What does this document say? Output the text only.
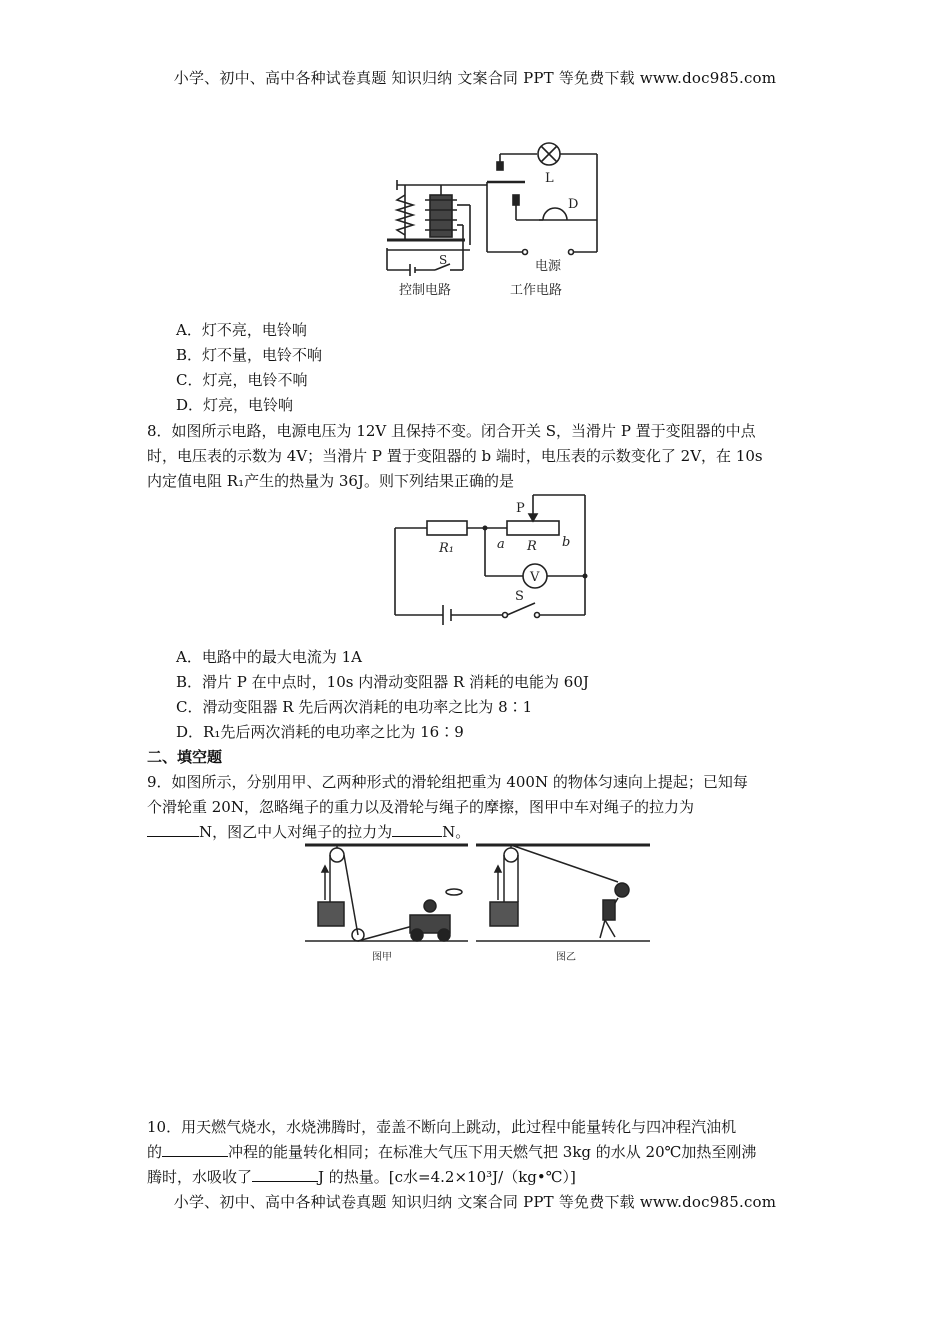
小学、初中、高中各种试卷真题 知识归纳 文案合同 PPT 等免费下载 www.doc985.com
L
D
S	电源
控制电路	工作电路
A．灯不亮，电铃响
B．灯不量，电铃不响
C．灯亮，电铃不响
D．灯亮，电铃响
8．如图所示电路，电源电压为 12V 且保持不变。闭合开关 S，当滑片 P 置于变阻器的中点
时，电压表的示数为 4V；当滑片 P 置于变阻器的 b 端时，电压表的示数变化了 2V，在 10s
内定值电阻 R₁产生的热量为 36J。则下列结果正确的是
P
R₁	a R b
V
S
A．电路中的最大电流为 1A
B．滑片 P 在中点时，10s 内滑动变阻器 R 消耗的电能为 60J
C．滑动变阻器 R 先后两次消耗的电功率之比为 8∶1
D．R₁先后两次消耗的电功率之比为 16∶9
二、填空题
9．如图所示，分别用甲、乙两种形式的滑轮组把重为 400N 的物体匀速向上提起；已知每
个滑轮重 20N，忽略绳子的重力以及滑轮与绳子的摩擦，图甲中车对绳子的拉力为
N，图乙中人对绳子的拉力为	N。
图甲	图乙
10．用天燃气烧水，水烧沸腾时，壶盖不断向上跳动，此过程中能量转化与四冲程汽油机
的	冲程的能量转化相同；在标准大气压下用天燃气把 3kg 的水从 20℃加热至刚沸
腾时，水吸收了	J 的热量。[c水=4.2×10³J/（kg•℃）]
小学、初中、高中各种试卷真题 知识归纳 文案合同 PPT 等免费下载 www.doc985.com
